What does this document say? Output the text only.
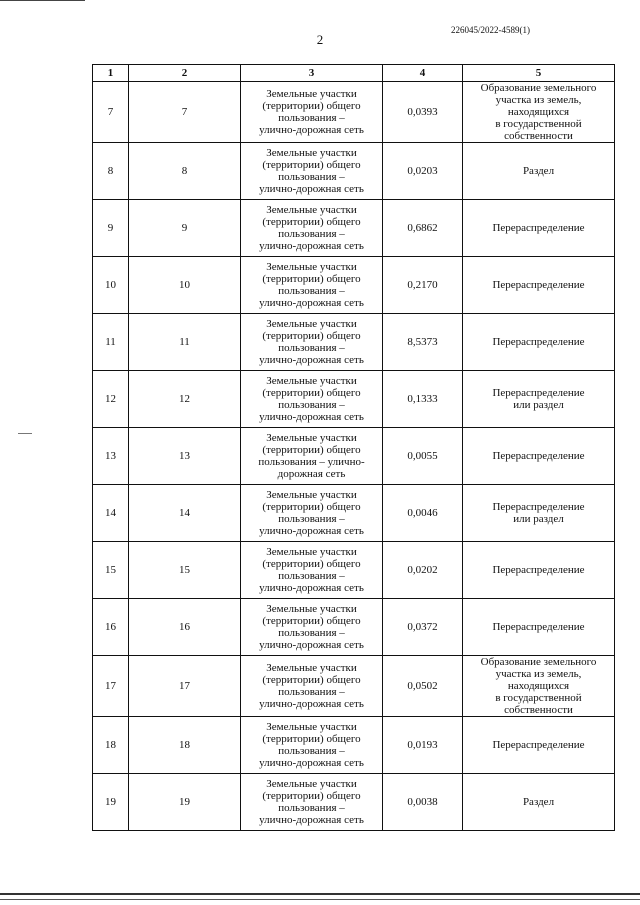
226045/2022-4589(1)
2
1	2	3	4	5
7	7	Земельные участки
(территории) общего
пользования –
улично-дорожная сеть	0,0393	Образование земельного
участка из земель,
находящихся
в государственной
собственности
8	8	Земельные участки
(территории) общего
пользования –
улично-дорожная сеть	0,0203	Раздел
9	9	Земельные участки
(территории) общего
пользования –
улично-дорожная сеть	0,6862	Перераспределение
10	10	Земельные участки
(территории) общего
пользования –
улично-дорожная сеть	0,2170	Перераспределение
11	11	Земельные участки
(территории) общего
пользования –
улично-дорожная сеть	8,5373	Перераспределение
12	12	Земельные участки
(территории) общего
пользования –
улично-дорожная сеть	0,1333	Перераспределение
или раздел
13	13	Земельные участки
(территории) общего
пользования – улично-
дорожная сеть	0,0055	Перераспределение
14	14	Земельные участки
(территории) общего
пользования –
улично-дорожная сеть	0,0046	Перераспределение
или раздел
15	15	Земельные участки
(территории) общего
пользования –
улично-дорожная сеть	0,0202	Перераспределение
16	16	Земельные участки
(территории) общего
пользования –
улично-дорожная сеть	0,0372	Перераспределение
17	17	Земельные участки
(территории) общего
пользования –
улично-дорожная сеть	0,0502	Образование земельного
участка из земель,
находящихся
в государственной
собственности
18	18	Земельные участки
(территории) общего
пользования –
улично-дорожная сеть	0,0193	Перераспределение
19	19	Земельные участки
(территории) общего
пользования –
улично-дорожная сеть	0,0038	Раздел
